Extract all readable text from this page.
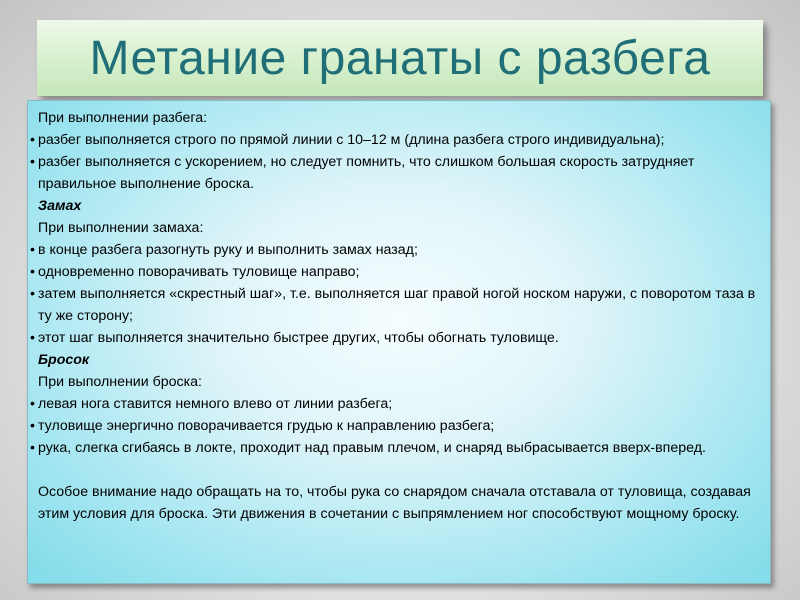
Метание гранаты с разбега

При выполнении разбега:

• разбег выполняется строго по прямой линии с 10–12 м (длина разбега строго индивидуальна);

• разбег выполняется с ускорением, но следует помнить, что слишком большая скорость затрудняет правильное выполнение броска.

Замах

При выполнении замаха:

• в конце разбега разогнуть руку и выполнить замах назад;

• одновременно поворачивать туловище направо;

• затем выполняется «скрестный шаг», т.е. выполняется шаг правой ногой носком наружи, с поворотом таза в ту же сторону;

• этот шаг выполняется значительно быстрее других, чтобы обогнать туловище.

Бросок

При выполнении броска:

• левая нога ставится немного влево от линии разбега;

• туловище энергично поворачивается грудью к направлению разбега;

• рука, слегка сгибаясь в локте, проходит над правым плечом, и снаряд выбрасывается вверх-вперед.

Особое внимание надо обращать на то, чтобы рука со снарядом сначала отставала от туловища, создавая этим условия для броска. Эти движения в сочетании с выпрямлением ног способствуют мощному броску.
